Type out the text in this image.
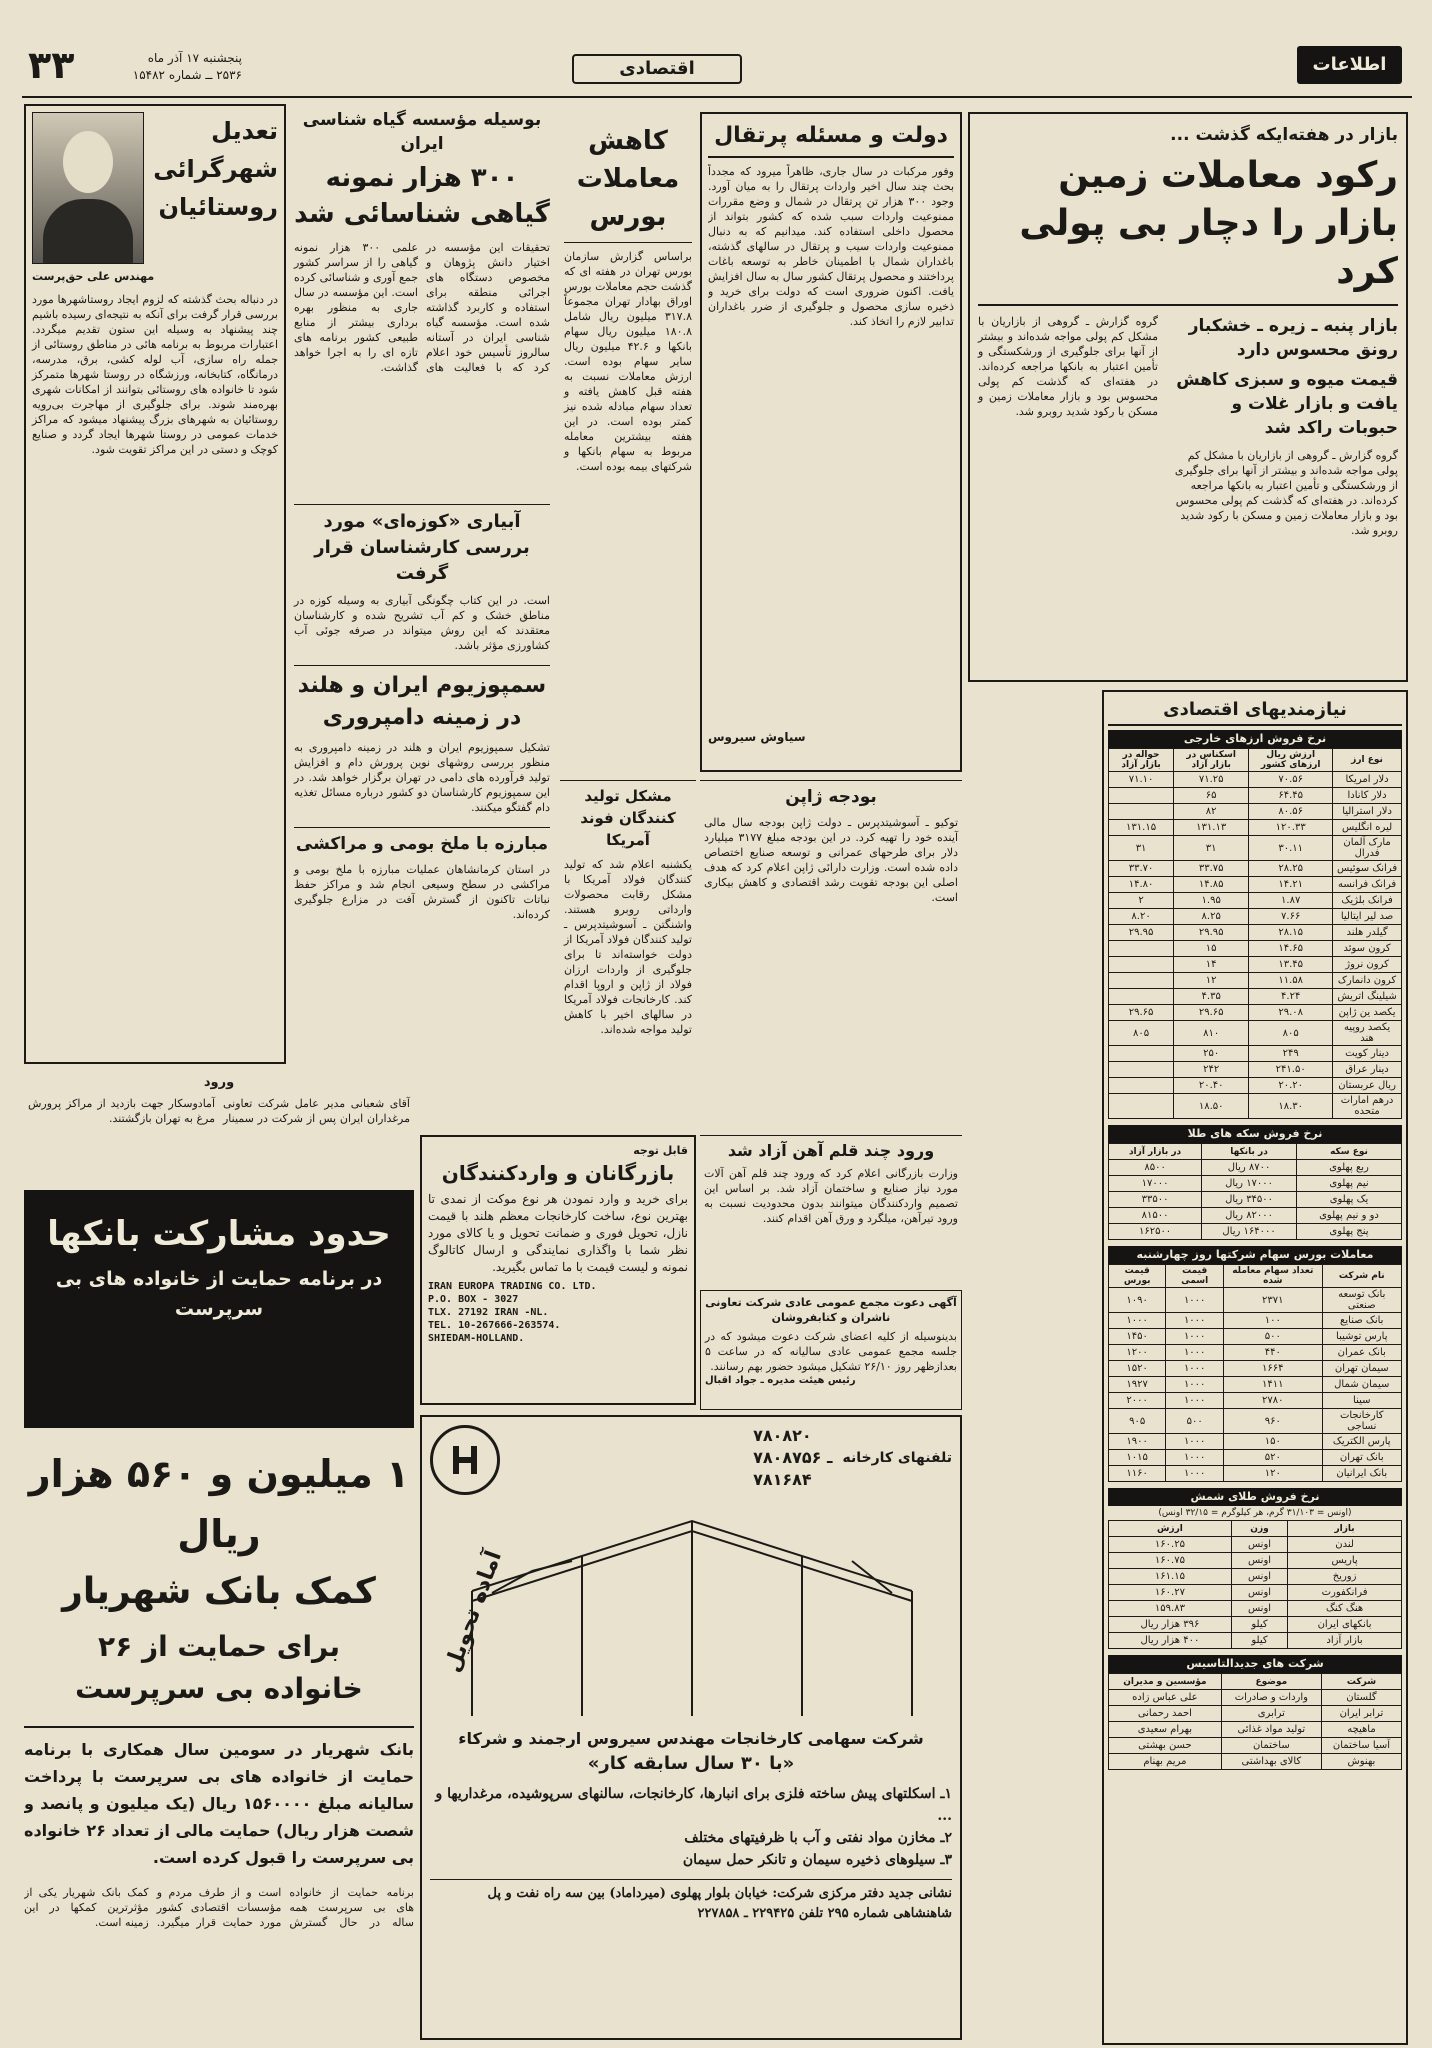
۳۳	پنجشنبه ۱۷ آذر ماه
۲۵۳۶ ــ شماره ۱۵۴۸۲	اقتصادی	اطلاعات
بازار در هفته‌ایکه گذشت ...
رکود معاملات زمین بازار را دچار بی پولی کرد
بازار پنبه ـ زیره ـ خشکبار رونق محسوس دارد
قیمت میوه و سبزی کاهش یافت و بازار غلات و حبوبات راکد شد
گروه گزارش ـ گروهی از بازاریان با مشکل کم پولی مواجه شده‌اند و بیشتر از آنها برای جلوگیری از ورشکستگی و تأمین اعتبار به بانکها مراجعه کرده‌اند. در هفته‌ای که گذشت کم پولی محسوس بود و بازار معاملات زمین و مسکن با رکود شدید روبرو شد.
گروه گزارش ـ گروهی از بازاریان با مشکل کم پولی مواجه شده‌اند و بیشتر از آنها برای جلوگیری از ورشکستگی و تأمین اعتبار به بانکها مراجعه کرده‌اند. در هفته‌ای که گذشت کم پولی محسوس بود و بازار معاملات زمین و مسکن با رکود شدید روبرو شد.
نیازمندیهای اقتصادی
نرخ فروش ارزهای خارجی
نوع ارز	ارزش ریال ارزهای کشور	اسکناس در بازار آزاد	حواله در بازار آزاد
دلار امریکا	۷۰.۵۶	۷۱.۲۵	۷۱.۱۰
دلار کانادا	۶۴.۴۵	۶۵	
دلار استرالیا	۸۰.۵۶	۸۲	
لیره انگلیس	۱۲۰.۳۳	۱۳۱.۱۳	۱۳۱.۱۵
مارک آلمان فدرال	۳۰.۱۱	۳۱	۳۱
فرانک سوئیس	۲۸.۲۵	۳۳.۷۵	۳۳.۷۰
فرانک فرانسه	۱۴.۲۱	۱۴.۸۵	۱۴.۸۰
فرانک بلژیک	۱.۸۷	۱.۹۵	۲
صد لیر ایتالیا	۷.۶۶	۸.۲۵	۸.۲۰
گیلدر هلند	۲۸.۱۵	۲۹.۹۵	۲۹.۹۵
کرون سوئد	۱۴.۶۵	۱۵	
کرون نروژ	۱۳.۴۵	۱۴	
کرون دانمارک	۱۱.۵۸	۱۲	
شیلینگ اتریش	۴.۲۴	۴.۳۵	
یکصد ین ژاپن	۲۹.۰۸	۲۹.۶۵	۲۹.۶۵
یکصد روپیه هند	۸۰۵	۸۱۰	۸۰۵
دینار کویت	۲۴۹	۲۵۰	
دینار عراق	۲۴۱.۵۰	۲۴۲	
ریال عربستان	۲۰.۲۰	۲۰.۴۰	
درهم امارات متحده	۱۸.۳۰	۱۸.۵۰	
نرخ فروش سکه های طلا
نوع سکه	در بانکها	در بازار آزاد
ربع پهلوی	۸۷۰۰ ریال	۸۵۰۰
نیم پهلوی	۱۷۰۰۰ ریال	۱۷۰۰۰
یک پهلوی	۳۴۵۰۰ ریال	۳۳۵۰۰
دو و نیم پهلوی	۸۲۰۰۰ ریال	۸۱۵۰۰
پنج پهلوی	۱۶۴۰۰۰ ریال	۱۶۲۵۰۰
معاملات بورس سهام شرکتها روز چهارشنبه
نام شرکت	تعداد سهام معامله شده	قیمت اسمی	قیمت بورس
بانک توسعه صنعتی	۲۳۷۱	۱۰۰۰	۱۰۹۰
بانک صنایع	۱۰۰	۱۰۰۰	۱۰۰۰
پارس توشیبا	۵۰۰	۱۰۰۰	۱۴۵۰
بانک عمران	۴۴۰	۱۰۰۰	۱۲۰۰
سیمان تهران	۱۶۶۴	۱۰۰۰	۱۵۲۰
سیمان شمال	۱۴۱۱	۱۰۰۰	۱۹۲۷
سینا	۲۷۸۰	۱۰۰۰	۲۰۰۰
کارخانجات نساجی	۹۶۰	۵۰۰	۹۰۵
پارس الکتریک	۱۵۰	۱۰۰۰	۱۹۰۰
بانک تهران	۵۲۰	۱۰۰۰	۱۰۱۵
بانک ایرانیان	۱۲۰	۱۰۰۰	۱۱۶۰
نرخ فروش طلای شمش
(اونس = ۳۱/۱۰۳ گرم، هر کیلوگرم = ۳۲/۱۵ اونس)
بازار	وزن	ارزش
لندن	اونس	۱۶۰.۲۵
پاریس	اونس	۱۶۰.۷۵
زوریخ	اونس	۱۶۱.۱۵
فرانکفورت	اونس	۱۶۰.۲۷
هنگ کنگ	اونس	۱۵۹.۸۳
بانکهای ایران	کیلو	۳۹۶ هزار ریال
بازار آزاد	کیلو	۴۰۰ هزار ریال
شرکت های جدیدالتاسیس
شرکت	موضوع	مؤسسین و مدیران
گلستان	واردات و صادرات	علی عباس زاده
ترابر ایران	ترابری	احمد رحمانی
ماهیچه	تولید مواد غذائی	بهرام سعیدی
آسیا ساختمان	ساختمان	حسن بهشتی
بهنوش	کالای بهداشتی	مریم بهنام
دولت و مسئله پرتقال
وفور مرکبات در سال جاری، ظاهراً میرود که مجدداً بحث چند سال اخیر واردات پرتقال را به میان آورد. وجود ۳۰۰ هزار تن پرتقال در شمال و وضع مقررات ممنوعیت واردات سبب شده که کشور بتواند از محصول داخلی استفاده کند. میدانیم که به دنبال ممنوعیت واردات سیب و پرتقال در سالهای گذشته، باغداران شمال با اطمینان خاطر به توسعه باغات پرداختند و محصول پرتقال کشور سال به سال افزایش یافت. اکنون ضروری است که دولت برای خرید و ذخیره سازی محصول و جلوگیری از ضرر باغداران تدابیر لازم را اتخاذ کند.
سیاوش سیروس
کاهش معاملات بورس
براساس گزارش سازمان بورس تهران در هفته ای که گذشت حجم معاملات بورس اوراق بهادار تهران مجموعاً ۳۱۷.۸ میلیون ریال شامل ۱۸۰.۸ میلیون ریال سهام بانکها و ۴۲.۶ میلیون ریال سایر سهام بوده است. ارزش معاملات نسبت به هفته قبل کاهش یافته و تعداد سهام مبادله شده نیز کمتر بوده است. در این هفته بیشترین معامله مربوط به سهام بانکها و شرکتهای بیمه بوده است.
بوسیله مؤسسه گیاه شناسی ایران
۳۰۰ هزار نمونه گیاهی شناسائی شد
تحقیقات این مؤسسه در اختیار دانش پژوهان و مخصوص دستگاه های اجرائی منطقه برای استفاده و کاربرد گذاشته شده است. مؤسسه گیاه شناسی ایران در آستانه سالروز تأسیس خود اعلام کرد که با فعالیت های علمی ۳۰۰ هزار نمونه گیاهی را از سراسر کشور جمع آوری و شناسائی کرده است. این مؤسسه در سال جاری به منظور بهره برداری بیشتر از منابع طبیعی کشور برنامه های تازه ای را به اجرا خواهد گذاشت.
تعدیل شهرگرائی روستائیان
مهندس علی حق‌پرست
در دنباله بحث گذشته که لزوم ایجاد روستاشهرها مورد بررسی قرار گرفت برای آنکه به نتیجه‌ای رسیده باشیم چند پیشنهاد به وسیله این ستون تقدیم میگردد. اعتبارات مربوط به برنامه هائی در مناطق روستائی از جمله راه سازی، آب لوله کشی، برق، مدرسه، درمانگاه، کتابخانه، ورزشگاه در روستا شهرها متمرکز شود تا خانواده های روستائی بتوانند از امکانات شهری بهره‌مند شوند. برای جلوگیری از مهاجرت بی‌رویه روستائیان به شهرهای بزرگ پیشنهاد میشود که مراکز خدمات عمومی در روستا شهرها ایجاد گردد و صنایع کوچک و دستی در این مراکز تقویت شود.
آبیاری «کوزه‌ای» مورد بررسی کارشناسان قرار گرفت
است. در این کتاب چگونگی آبیاری به وسیله کوزه در مناطق خشک و کم آب تشریح شده و کارشناسان معتقدند که این روش میتواند در صرفه جوئی آب کشاورزی مؤثر باشد.
سمپوزیوم ایران و هلند در زمینه دامپروری
تشکیل سمپوزیوم ایران و هلند در زمینه دامپروری به منظور بررسی روشهای نوین پرورش دام و افزایش تولید فرآورده های دامی در تهران برگزار خواهد شد. در این سمپوزیوم کارشناسان دو کشور درباره مسائل تغذیه دام گفتگو میکنند.
مبارزه با ملخ بومی و مراکشی
در استان کرمانشاهان عملیات مبارزه با ملخ بومی و مراکشی در سطح وسیعی انجام شد و مراکز حفظ نباتات تاکنون از گسترش آفت در مزارع جلوگیری کرده‌اند.
مشکل تولید کنندگان فوند آمریکا
یکشنبه اعلام شد که تولید کنندگان فولاد آمریکا با مشکل رقابت محصولات وارداتی روبرو هستند. واشنگتن ـ آسوشیتدپرس ـ تولید کنندگان فولاد آمریکا از دولت خواسته‌اند تا برای جلوگیری از واردات ارزان فولاد از ژاپن و اروپا اقدام کند. کارخانجات فولاد آمریکا در سالهای اخیر با کاهش تولید مواجه شده‌اند.
بودجه ژاپن
توکیو ـ آسوشیتدپرس ـ دولت ژاپن بودجه سال مالی آینده خود را تهیه کرد. در این بودجه مبلغ ۳۱۷۷ میلیارد دلار برای طرحهای عمرانی و توسعه صنایع اختصاص داده شده است. وزارت دارائی ژاپن اعلام کرد که هدف اصلی این بودجه تقویت رشد اقتصادی و کاهش بیکاری است.
ورود چند قلم آهن آزاد شد
وزارت بازرگانی اعلام کرد که ورود چند قلم آهن آلات مورد نیاز صنایع و ساختمان آزاد شد. بر اساس این تصمیم واردکنندگان میتوانند بدون محدودیت نسبت به ورود تیرآهن، میلگرد و ورق آهن اقدام کنند.
آگهی دعوت مجمع عمومی عادی شرکت تعاونی ناشران و کتابفروشان
بدینوسیله از کلیه اعضای شرکت دعوت میشود که در جلسه مجمع عمومی عادی سالیانه که در ساعت ۵ بعدازظهر روز ۲۶/۱۰ تشکیل میشود حضور بهم رسانند.
رئیس هیئت مدیره ـ جواد اقبال
قابل توجه
بازرگانان و واردکنندگان
برای خرید و وارد نمودن هر نوع موکت از نمدی تا بهترین نوع، ساخت کارخانجات معظم هلند با قیمت نازل، تحویل فوری و ضمانت تحویل و یا کالای مورد نظر شما با واگذاری نمایندگی و ارسال کاتالوگ نمونه و لیست قیمت با ما تماس بگیرید.
IRAN EUROPA TRADING CO. LTD.
P.O. BOX - 3027
TLX. 27192 IRAN -NL.
TEL. 10-267666-263574.
SHIEDAM-HOLLAND.
ورود
آقای شعبانی مدیر عامل شرکت تعاونی مرغداران ایران پس از شرکت در سمینار آمادوسکار جهت بازدید از مراکز پرورش مرغ به تهران بازگشتند.
حدود مشارکت بانکها
در برنامه حمایت از خانواده های بی سرپرست
۱ میلیون و ۵۶۰ هزار ریال
کمک بانک شهریار
برای حمایت از ۲۶
خانواده بی سرپرست
بانک شهریار در سومین سال همکاری با برنامه حمایت از خانواده های بی سرپرست با پرداخت سالیانه مبلغ ۱۵۶۰۰۰۰ ریال (یک میلیون و پانصد و شصت هزار ریال) حمایت مالی از تعداد ۲۶ خانواده بی سرپرست را قبول کرده است.
برنامه حمایت از خانواده های بی سرپرست همه ساله در حال گسترش است و از طرف مردم و مؤسسات اقتصادی کشور مورد حمایت قرار میگیرد. کمک بانک شهریار یکی از مؤثرترین کمکها در این زمینه است.
تلفنهای کارخانه
۷۸۰۸۲۰
۷۸۰۸۷۵ـ ۶
۷۸۱۶۸۴
آماده تحویل
شرکت سهامی کارخانجات مهندس سیروس ارجمند و شرکاء
«با ۳۰ سال سابقه کار»
۱ـ اسکلتهای پیش ساخته فلزی برای انبارها، کارخانجات، سالنهای سرپوشیده، مرغداریها و ...
۲ـ مخازن مواد نفتی و آب با ظرفیتهای مختلف
۳ـ سیلوهای ذخیره سیمان و تانکر حمل سیمان
نشانی جدید دفتر مرکزی شرکت: خیابان بلوار پهلوی (میرداماد) بین سه راه نفت و پل شاهنشاهی شماره ۲۹۵ تلفن ۲۲۹۴۲۵ ـ ۲۲۷۸۵۸
